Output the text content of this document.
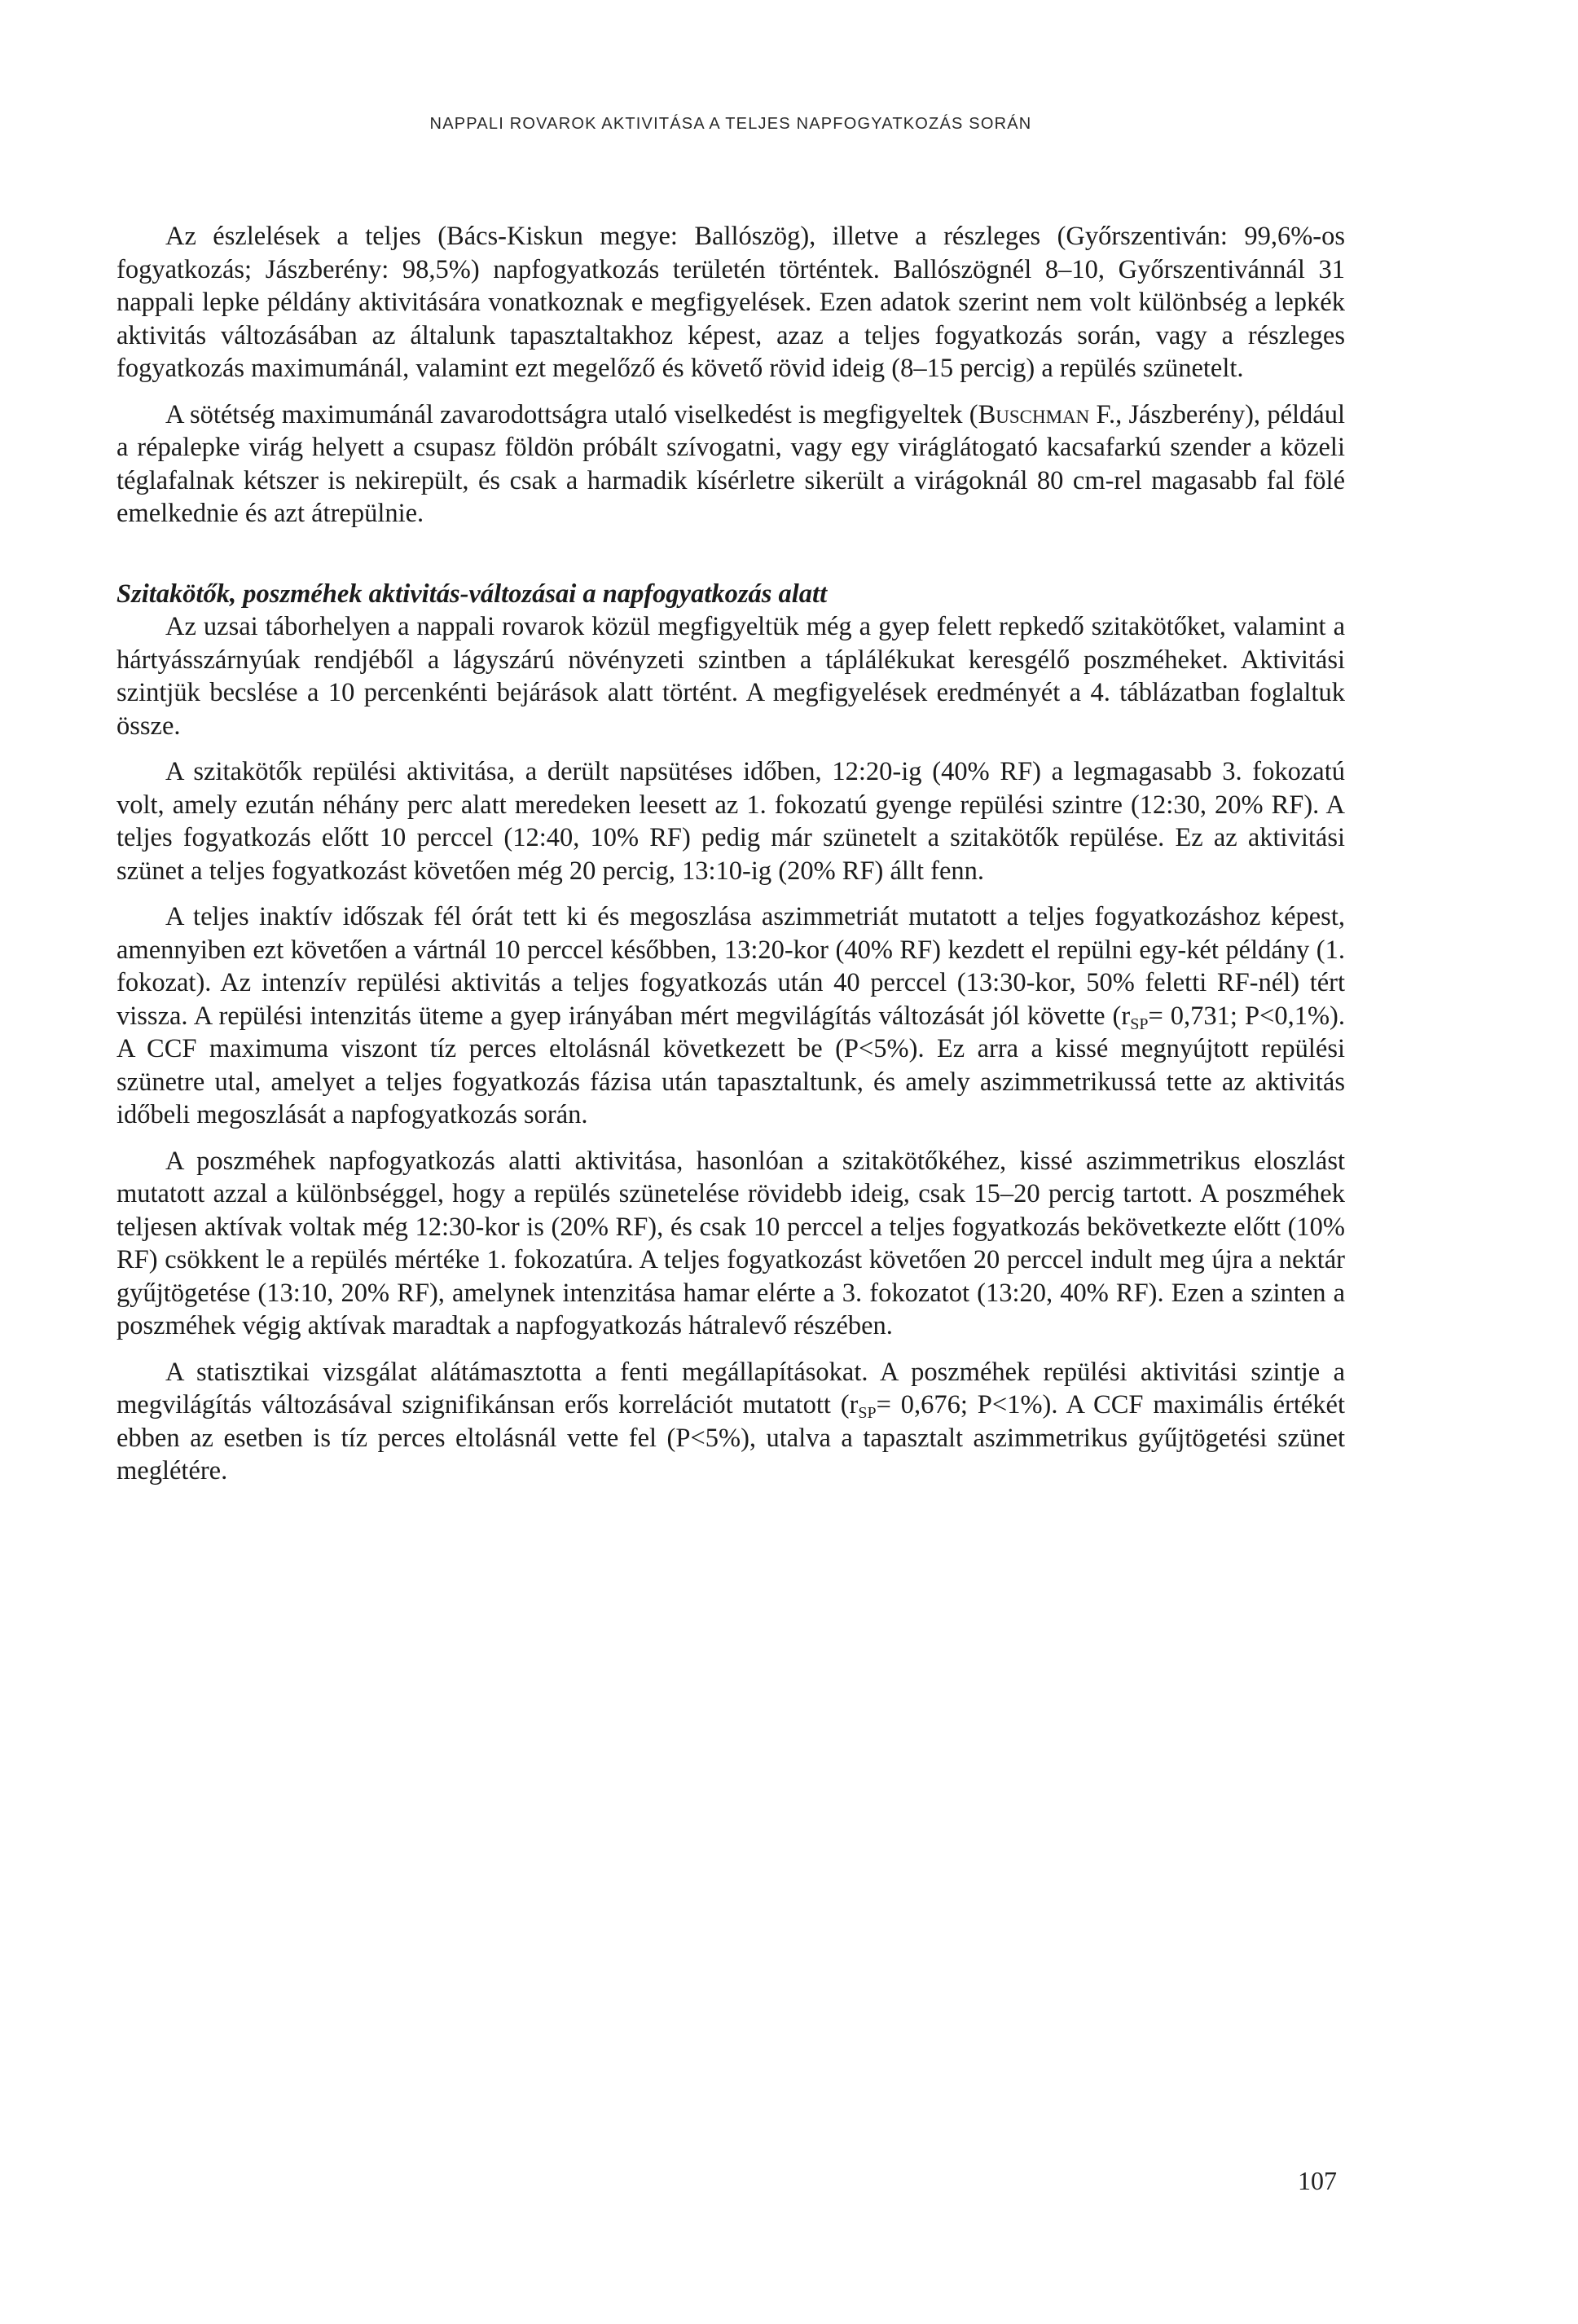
NAPPALI ROVAROK AKTIVITÁSA A TELJES NAPFOGYATKOZÁS SORÁN

Az észlelések a teljes (Bács-Kiskun megye: Ballószög), illetve a részleges (Győrszentiván: 99,6%-os fogyatkozás; Jászberény: 98,5%) napfogyatkozás területén történtek. Ballószögnél 8–10, Győrszentivánnál 31 nappali lepke példány aktivitására vonatkoznak e megfigyelések. Ezen adatok szerint nem volt különbség a lepkék aktivitás változásában az általunk tapasztaltakhoz képest, azaz a teljes fogyatkozás során, vagy a részleges fogyatkozás maximumánál, valamint ezt megelőző és követő rövid ideig (8–15 percig) a repülés szünetelt.

A sötétség maximumánál zavarodottságra utaló viselkedést is megfigyeltek (Buschman F., Jászberény), például a répalepke virág helyett a csupasz földön próbált szívogatni, vagy egy viráglátogató kacsafarkú szender a közeli téglafalnak kétszer is nekirepült, és csak a harmadik kísérletre sikerült a virágoknál 80 cm-rel magasabb fal fölé emelkednie és azt átrepülnie.

Szitakötők, poszméhek aktivitás-változásai a napfogyatkozás alatt

Az uzsai táborhelyen a nappali rovarok közül megfigyeltük még a gyep felett repkedő szitakötőket, valamint a hártyásszárnyúak rendjéből a lágyszárú növényzeti szintben a táplálékukat keresgélő poszméheket. Aktivitási szintjük becslése a 10 percenkénti bejárások alatt történt. A megfigyelések eredményét a 4. táblázatban foglaltuk össze.

A szitakötők repülési aktivitása, a derült napsütéses időben, 12:20-ig (40% RF) a legmagasabb 3. fokozatú volt, amely ezután néhány perc alatt meredeken leesett az 1. fokozatú gyenge repülési szintre (12:30, 20% RF). A teljes fogyatkozás előtt 10 perccel (12:40, 10% RF) pedig már szünetelt a szitakötők repülése. Ez az aktivitási szünet a teljes fogyatkozást követően még 20 percig, 13:10-ig (20% RF) állt fenn.

A teljes inaktív időszak fél órát tett ki és megoszlása aszimmetriát mutatott a teljes fogyatkozáshoz képest, amennyiben ezt követően a vártnál 10 perccel későbben, 13:20-kor (40% RF) kezdett el repülni egy-két példány (1. fokozat). Az intenzív repülési aktivitás a teljes fogyatkozás után 40 perccel (13:30-kor, 50% feletti RF-nél) tért vissza. A repülési intenzitás üteme a gyep irányában mért megvilágítás változását jól követte ($r_{SP}= 0,731$; P<0,1%). A CCF maximuma viszont tíz perces eltolásnál következett be (P<5%). Ez arra a kissé megnyújtott repülési szünetre utal, amelyet a teljes fogyatkozás fázisa után tapasztaltunk, és amely aszimmetrikussá tette az aktivitás időbeli megoszlását a napfogyatkozás során.

A poszméhek napfogyatkozás alatti aktivitása, hasonlóan a szitakötőkéhez, kissé aszimmetrikus eloszlást mutatott azzal a különbséggel, hogy a repülés szünetelése rövidebb ideig, csak 15–20 percig tartott. A poszméhek teljesen aktívak voltak még 12:30-kor is (20% RF), és csak 10 perccel a teljes fogyatkozás bekövetkezte előtt (10% RF) csökkent le a repülés mértéke 1. fokozatúra. A teljes fogyatkozást követően 20 perccel indult meg újra a nektár gyűjtögetése (13:10, 20% RF), amelynek intenzitása hamar elérte a 3. fokozatot (13:20, 40% RF). Ezen a szinten a poszméhek végig aktívak maradtak a napfogyatkozás hátralevő részében.

A statisztikai vizsgálat alátámasztotta a fenti megállapításokat. A poszméhek repülési aktivitási szintje a megvilágítás változásával szignifikánsan erős korrelációt mutatott ($r_{SP}= 0,676$; P<1%). A CCF maximális értékét ebben az esetben is tíz perces eltolásnál vette fel (P<5%), utalva a tapasztalt aszimmetrikus gyűjtögetési szünet meglétére.

107
